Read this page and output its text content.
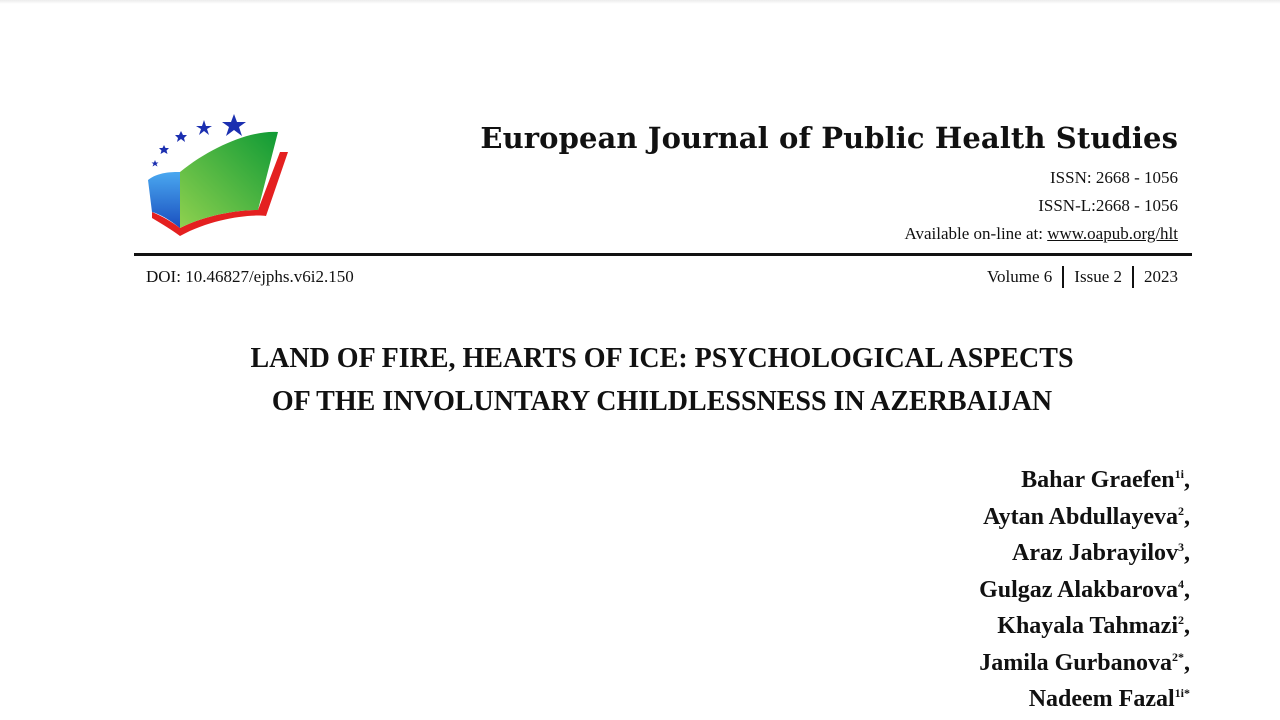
European Journal of Public Health Studies
ISSN: 2668 - 1056
ISSN-L:2668 - 1056
Available on-line at: www.oapub.org/hlt
DOI: 10.46827/ejphs.v6i2.150	Volume 6 Issue 2 2023
LAND OF FIRE, HEARTS OF ICE: PSYCHOLOGICAL ASPECTS
OF THE INVOLUNTARY CHILDLESSNESS IN AZERBAIJAN
Bahar Graefen$^{1i}$,
Aytan Abdullayeva$^2$,
Araz Jabrayilov$^3$,
Gulgaz Alakbarova$^4$,
Khayala Tahmazi$^2$,
Jamila Gurbanova$^{2*}$,
Nadeem Fazal$^{1i*}$
